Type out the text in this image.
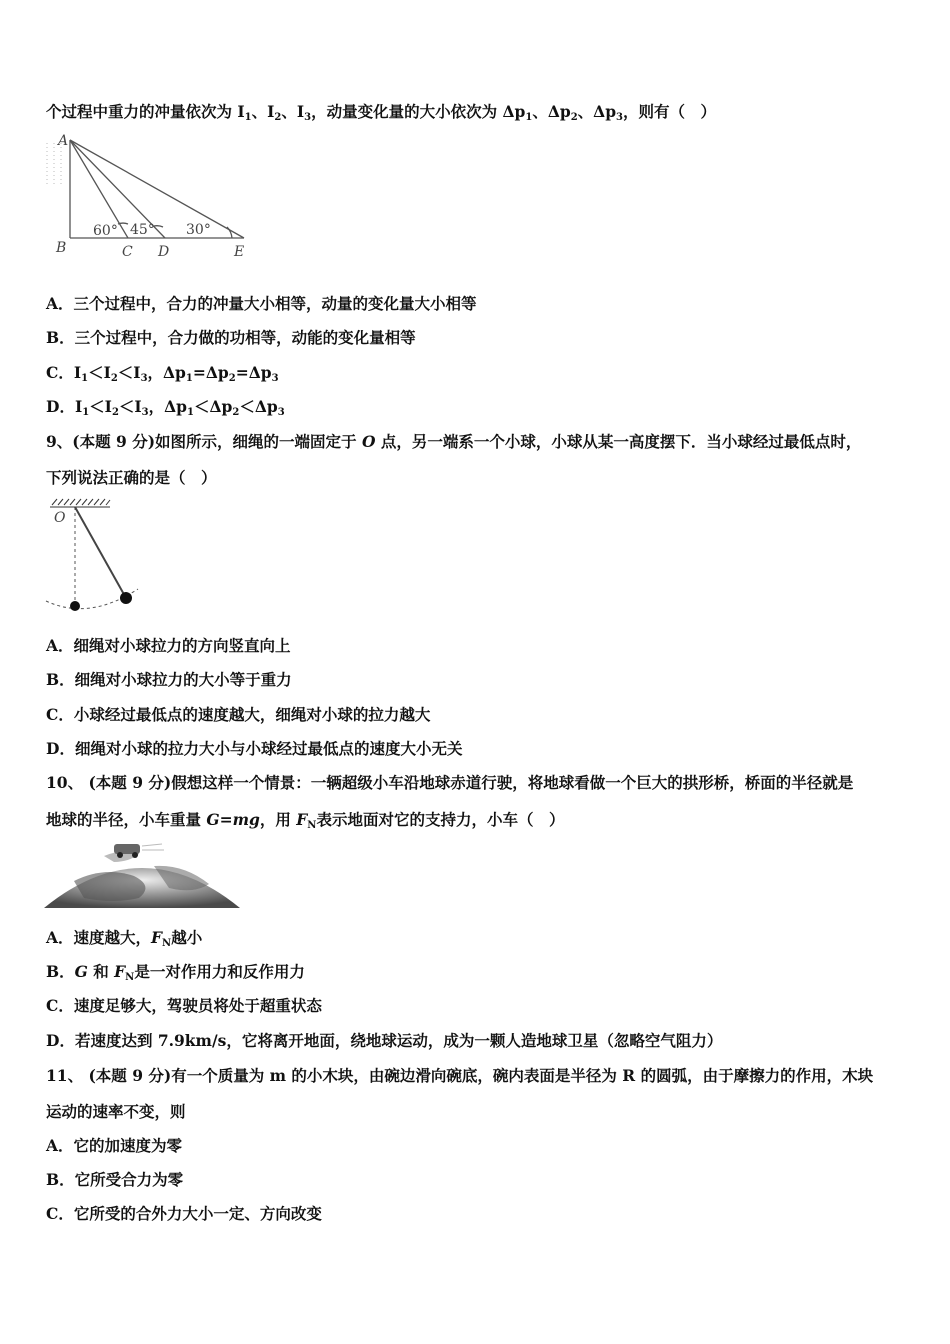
个过程中重力的冲量依次为 $I_1$、$I_2$、$I_3$，动量变化量的大小依次为 $\Delta p_1$、$\Delta p_2$、$\Delta p_3$，则有（　）
A
B	C D	E
60° 45° 30°
A．三个过程中，合力的冲量大小相等，动量的变化量大小相等
B．三个过程中，合力做的功相等，动能的变化量相等
C．$I_1<I_2<I_3$，$\Delta p_1=\Delta p_2=\Delta p_3$
D．$I_1<I_2<I_3$，$\Delta p_1<\Delta p_2<\Delta p_3$
9、(本题 9 分)如图所示，细绳的一端固定于 O 点，另一端系一个小球，小球从某一高度摆下．当小球经过最低点时，
下列说法正确的是（　）
O
A．细绳对小球拉力的方向竖直向上
B．细绳对小球拉力的大小等于重力
C．小球经过最低点的速度越大，细绳对小球的拉力越大
D．细绳对小球的拉力大小与小球经过最低点的速度大小无关
10、 (本题 9 分)假想这样一个情景：一辆超级小车沿地球赤道行驶，将地球看做一个巨大的拱形桥，桥面的半径就是
地球的半径，小车重量 G=mg，用 $F_N$表示地面对它的支持力，小车（　）
A．速度越大，$F_N$越小
B．G 和 $F_N$是一对作用力和反作用力
C．速度足够大，驾驶员将处于超重状态
D．若速度达到 7.9km/s，它将离开地面，绕地球运动，成为一颗人造地球卫星（忽略空气阻力）
11、 (本题 9 分)有一个质量为 m 的小木块，由碗边滑向碗底，碗内表面是半径为 R 的圆弧，由于摩擦力的作用，木块
运动的速率不变，则
A．它的加速度为零
B．它所受合力为零
C．它所受的合外力大小一定、方向改变
